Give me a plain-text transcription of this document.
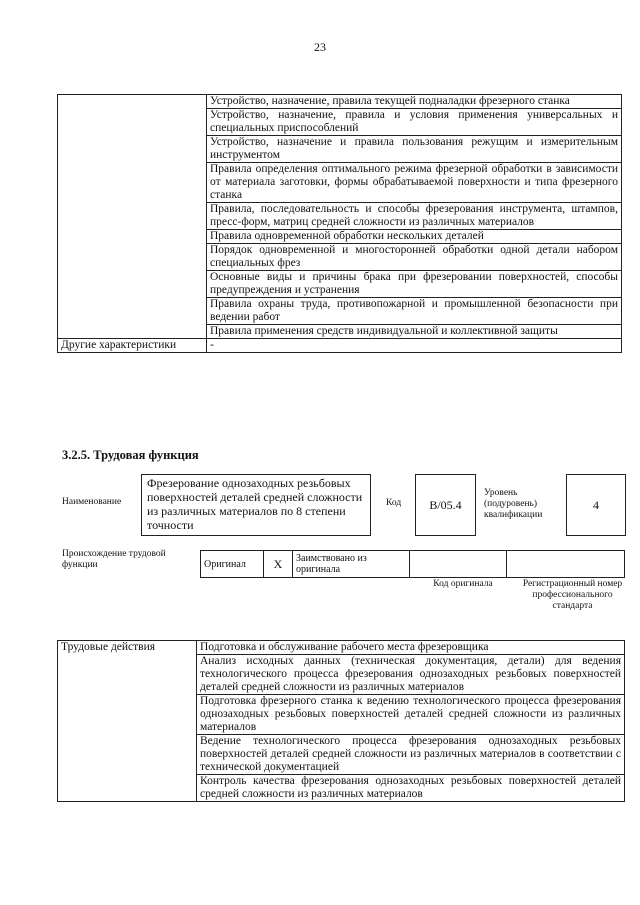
23
	Устройство, назначение, правила текущей подналадки фрезерного станка
	Устройство, назначение, правила и условия применения универсальных и специальных приспособлений
	Устройство, назначение и правила пользования режущим и измерительным инструментом
	Правила определения оптимального режима фрезерной обработки в зависимости от материала заготовки, формы обрабатываемой поверхности и типа фрезерного станка
	Правила, последовательность и способы фрезерования инструмента, штампов, пресс-форм, матриц средней сложности из различных материалов
	Правила одновременной обработки нескольких деталей
	Порядок одновременной и многосторонней обработки одной детали набором специальных фрез
	Основные виды и причины брака при фрезеровании поверхностей, способы предупреждения и устранения
	Правила охраны труда, противопожарной и промышленной безопасности при ведении работ
	Правила применения средств индивидуальной и коллективной защиты
Другие характеристики	-
3.2.5. Трудовая функция
Наименование
Фрезерование однозаходных резьбовых поверхностей деталей средней сложности из различных материалов по 8 степени точности
Код	В/05.4
Уровень (подуровень) квалификации
4
Происхождение трудовой функции	Оригинал	X	Заимствовано из оригинала		
Код оригинала	Регистрационный номер профессионального стандарта
Трудовые действия	Подготовка и обслуживание рабочего места фрезеровщика
Анализ исходных данных (техническая документация, детали) для ведения технологического процесса фрезерования однозаходных резьбовых поверхностей деталей средней сложности из различных материалов
Подготовка фрезерного станка к ведению технологического процесса фрезерования однозаходных резьбовых поверхностей деталей средней сложности из различных материалов
Ведение технологического процесса фрезерования однозаходных резьбовых поверхностей деталей средней сложности из различных материалов в соответствии с технической документацией
Контроль качества фрезерования однозаходных резьбовых поверхностей деталей средней сложности из различных материалов
